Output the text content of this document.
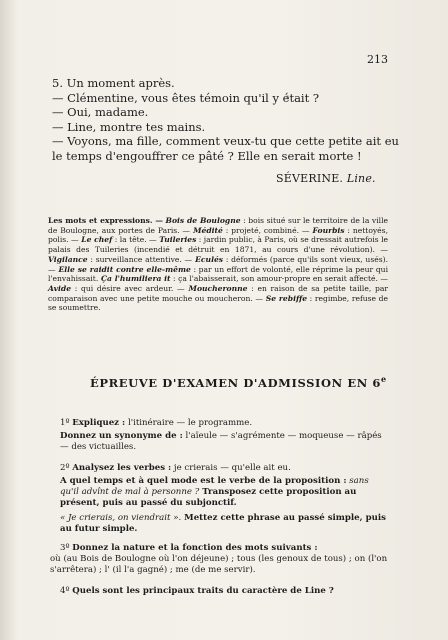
213
5. Un moment après.
— Clémentine, vous êtes témoin qu'il y était ?
— Oui, madame.
— Line, montre tes mains.
— Voyons, ma fille, comment veux-tu que cette petite ait eu
le temps d'engouffrer ce pâté ? Elle en serait morte !
SÉVERINE. Line.
Les mots et expressions. — Bois de Boulogne : bois situé sur le territoire de la ville de Boulogne, aux portes de Paris. — Médité : projeté, combiné. — Fourbis : nettoyés, polis. — Le chef : la tête. — Tuileries : jardin public, à Paris, où se dressait autrefois le palais des Tuileries (incendié et détruit en 1871, au cours d'une révolution). — Vigilance : surveillance attentive. — Eculés : déformés (parce qu'ils sont vieux, usés). — Elle se raidit contre elle-même : par un effort de volonté, elle réprime la peur qui l'envahissait. Ça l'humiliera it : ça l'abaisserait, son amour-propre en serait affecté. — Avide : qui désire avec ardeur. — Moucheronne : en raison de sa petite taille, par comparaison avec une petite mouche ou moucheron. — Se rebiffe : regimbe, refuse de se soumettre.
ÉPREUVE D'EXAMEN D'ADMISSION EN 6e
1º Expliquez : l'itinéraire — le programme.
Donnez un synonyme de : l'aïeule — s'agrémente — moqueuse — râpés — des victuailles.
2º Analysez les verbes : je crierais — qu'elle ait eu.
A quel temps et à quel mode est le verbe de la proposition : sans qu'il advînt de mal à personne ? Transposez cette proposition au présent, puis au passé du subjonctif.
« Je crierais, on viendrait ». Mettez cette phrase au passé simple, puis au futur simple.
3º Donnez la nature et la fonction des mots suivants :
où (au Bois de Boulogne où l'on déjeune) ; tous (les genoux de tous) ; on (l'on s'arrêtera) ; l' (il l'a gagné) ; me (de me servir).
4º Quels sont les principaux traits du caractère de Line ?
